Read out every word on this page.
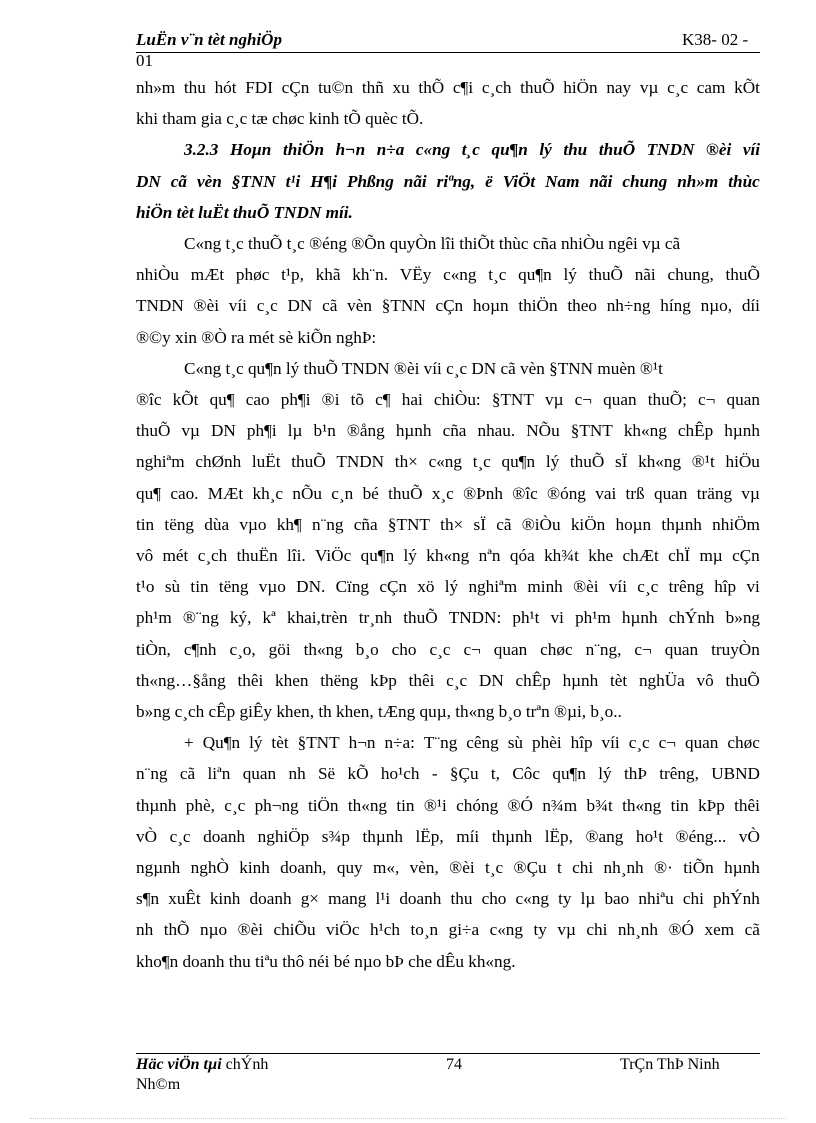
LuËn v¨n tèt nghiÖp	K38- 02 -
01
nh»m thu hót FDI cÇn tu©n thñ xu thÕ c¶i c¸ch thuÕ hiÖn nay vµ c¸c cam kÕt
khi tham gia c¸c tæ chøc kinh tÕ quèc tÕ.
3.2.3 Hoµn thiÖn h¬n n÷a c«ng t¸c qu¶n lý thu thuÕ TNDN ®èi víi
DN cã vèn §TNN t¹i H¶i Phßng nãi riªng, ë ViÖt Nam nãi chung nh»m thùc
hiÖn tèt luËt thuÕ TNDN míi.
C«ng t¸c thuÕ t¸c ®éng ®Õn quyÒn lîi thiÕt thùc cña nhiÒu ngêi vµ cã
nhiÒu mÆt phøc t¹p, khã kh¨n. VËy c«ng t¸c qu¶n lý thuÕ nãi chung, thuÕ
TNDN ®èi víi c¸c DN cã vèn §TNN cÇn hoµn thiÖn theo nh÷ng híng nµo, díi
®©y xin ®Ò ra mét sè kiÕn nghÞ:
C«ng t¸c qu¶n lý thuÕ TNDN ®èi víi c¸c DN cã vèn §TNN muèn ®¹t
®îc kÕt qu¶ cao ph¶i ®i tõ c¶ hai chiÒu: §TNT vµ c¬ quan thuÕ; c¬ quan
thuÕ vµ DN ph¶i lµ b¹n ®ång hµnh cña nhau. NÕu §TNT kh«ng chÊp hµnh
nghiªm chØnh luËt thuÕ TNDN th× c«ng t¸c qu¶n lý thuÕ sÏ kh«ng ®¹t hiÖu
qu¶ cao. MÆt kh¸c nÕu c¸n bé thuÕ x¸c ®Þnh ®îc ®óng vai trß quan träng vµ
tin tëng dùa vµo kh¶ n¨ng cña §TNT th× sÏ cã ®iÒu kiÖn hoµn thµnh nhiÖm
vô mét c¸ch thuËn lîi. ViÖc qu¶n lý kh«ng nªn qóa kh¾t khe chÆt chÏ mµ cÇn
t¹o sù tin tëng vµo DN. Cïng cÇn xö lý nghiªm minh ®èi víi c¸c trêng hîp vi
ph¹m ®¨ng ký, kª khai,trèn tr¸nh thuÕ TNDN: ph¹t vi ph¹m hµnh chÝnh b»ng
tiÒn, c¶nh c¸o, göi th«ng b¸o cho c¸c c¬ quan chøc n¨ng, c¬ quan truyÒn
th«ng…§ång thêi khen thëng kÞp thêi c¸c DN chÊp hµnh tèt nghÜa vô thuÕ
b»ng c¸ch cÊp giÊy khen, th khen, tÆng quµ, th«ng b¸o trªn ®µi, b¸o..
+ Qu¶n lý tèt §TNT h¬n n÷a: T¨ng cêng sù phèi hîp víi c¸c c¬ quan chøc
n¨ng cã liªn quan nh Së kÕ ho¹ch - §Çu t, Côc qu¶n lý thÞ trêng, UBND
thµnh phè, c¸c ph¬ng tiÖn th«ng tin ®¹i chóng ®Ó n¾m b¾t th«ng tin kÞp thêi
vÒ c¸c doanh nghiÖp s¾p thµnh lËp, míi thµnh lËp, ®ang ho¹t ®éng... vÒ
ngµnh nghÒ kinh doanh, quy m«, vèn, ®èi t¸c ®Çu t chi nh¸nh ®· tiÕn hµnh
s¶n xuÊt kinh doanh g× mang l¹i doanh thu cho c«ng ty lµ bao nhiªu chi phÝnh
nh thÕ nµo ®èi chiÕu viÖc h¹ch to¸n gi÷a c«ng ty vµ chi nh¸nh ®Ó xem cã
kho¶n doanh thu tiªu thô néi bé nµo bÞ che dÊu kh«ng.
Häc viÖn tµi chÝnh
Nh©m
74	TrÇn ThÞ Ninh
